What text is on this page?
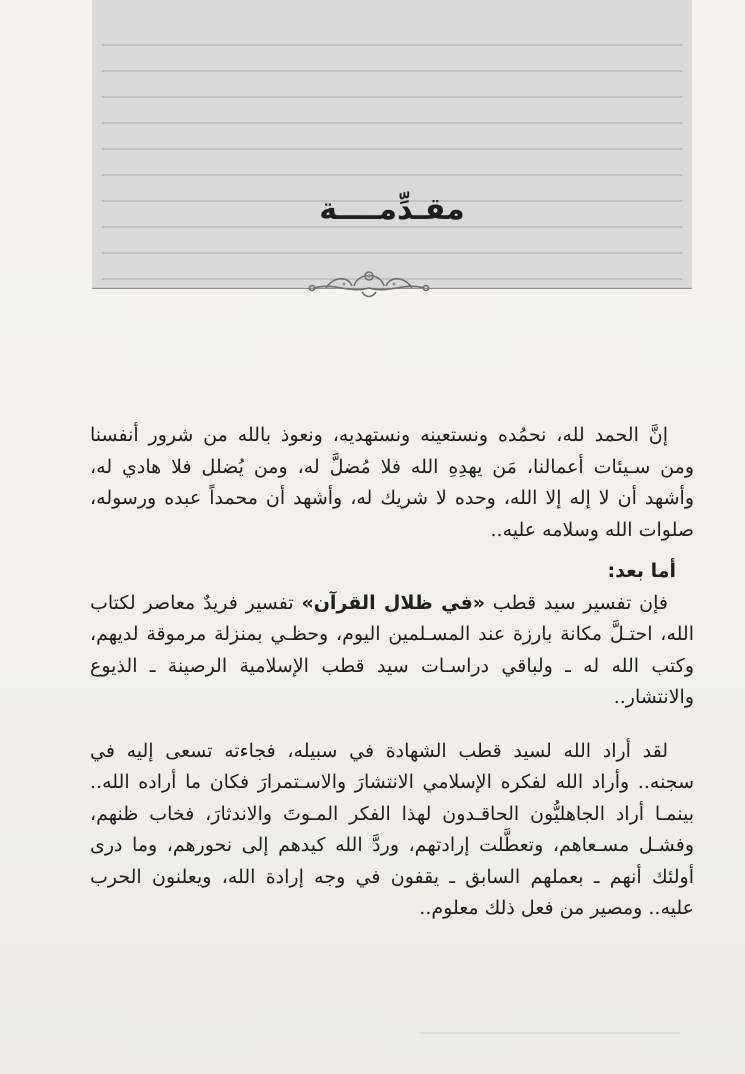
مقـدِّمــــة

إنَّ الحمد لله، نحمُده ونستعينه ونستهديه، ونعوذ بالله من شرور أنفسنا ومن سـيئات أعمالنا، مَن يهدِهِ الله فلا مُضلَّ له، ومن يُضلل فلا هادي له، وأشهد أن لا إله إلا الله، وحده لا شريك له، وأشهد أن محمداً عبده ورسوله، صلوات الله وسلامه عليه..

أما بعد:

فإن تفسير سيد قطب «في ظلال القرآن» تفسير فريدٌ معاصر لكتاب الله، احتـلَّ مكانة بارزة عند المسـلمين اليوم، وحظـي بمنزلة مرموقة لديهم، وكتب الله له ـ ولباقي دراسـات سيد قطب الإسلامية الرصينة ـ الذيوع والانتشار..

لقد أراد الله لسيد قطب الشهادة في سبيله، فجاءته تسعى إليه في سجنه.. وأراد الله لفكره الإسلامي الانتشارَ والاسـتمرارَ فكان ما أراده الله.. بينمـا أراد الجاهليُّون الحاقـدون لهذا الفكر المـوتَ والاندثارَ، فخاب ظنهم، وفشـل مسـعاهم، وتعطَّلت إرادتهم، وردَّ الله كيدهم إلى نحورهم، وما درى أولئك أنهم ـ بعملهم السابق ـ يقفون في وجه إرادة الله، ويعلنون الحرب عليه.. ومصير من فعل ذلك معلوم..
